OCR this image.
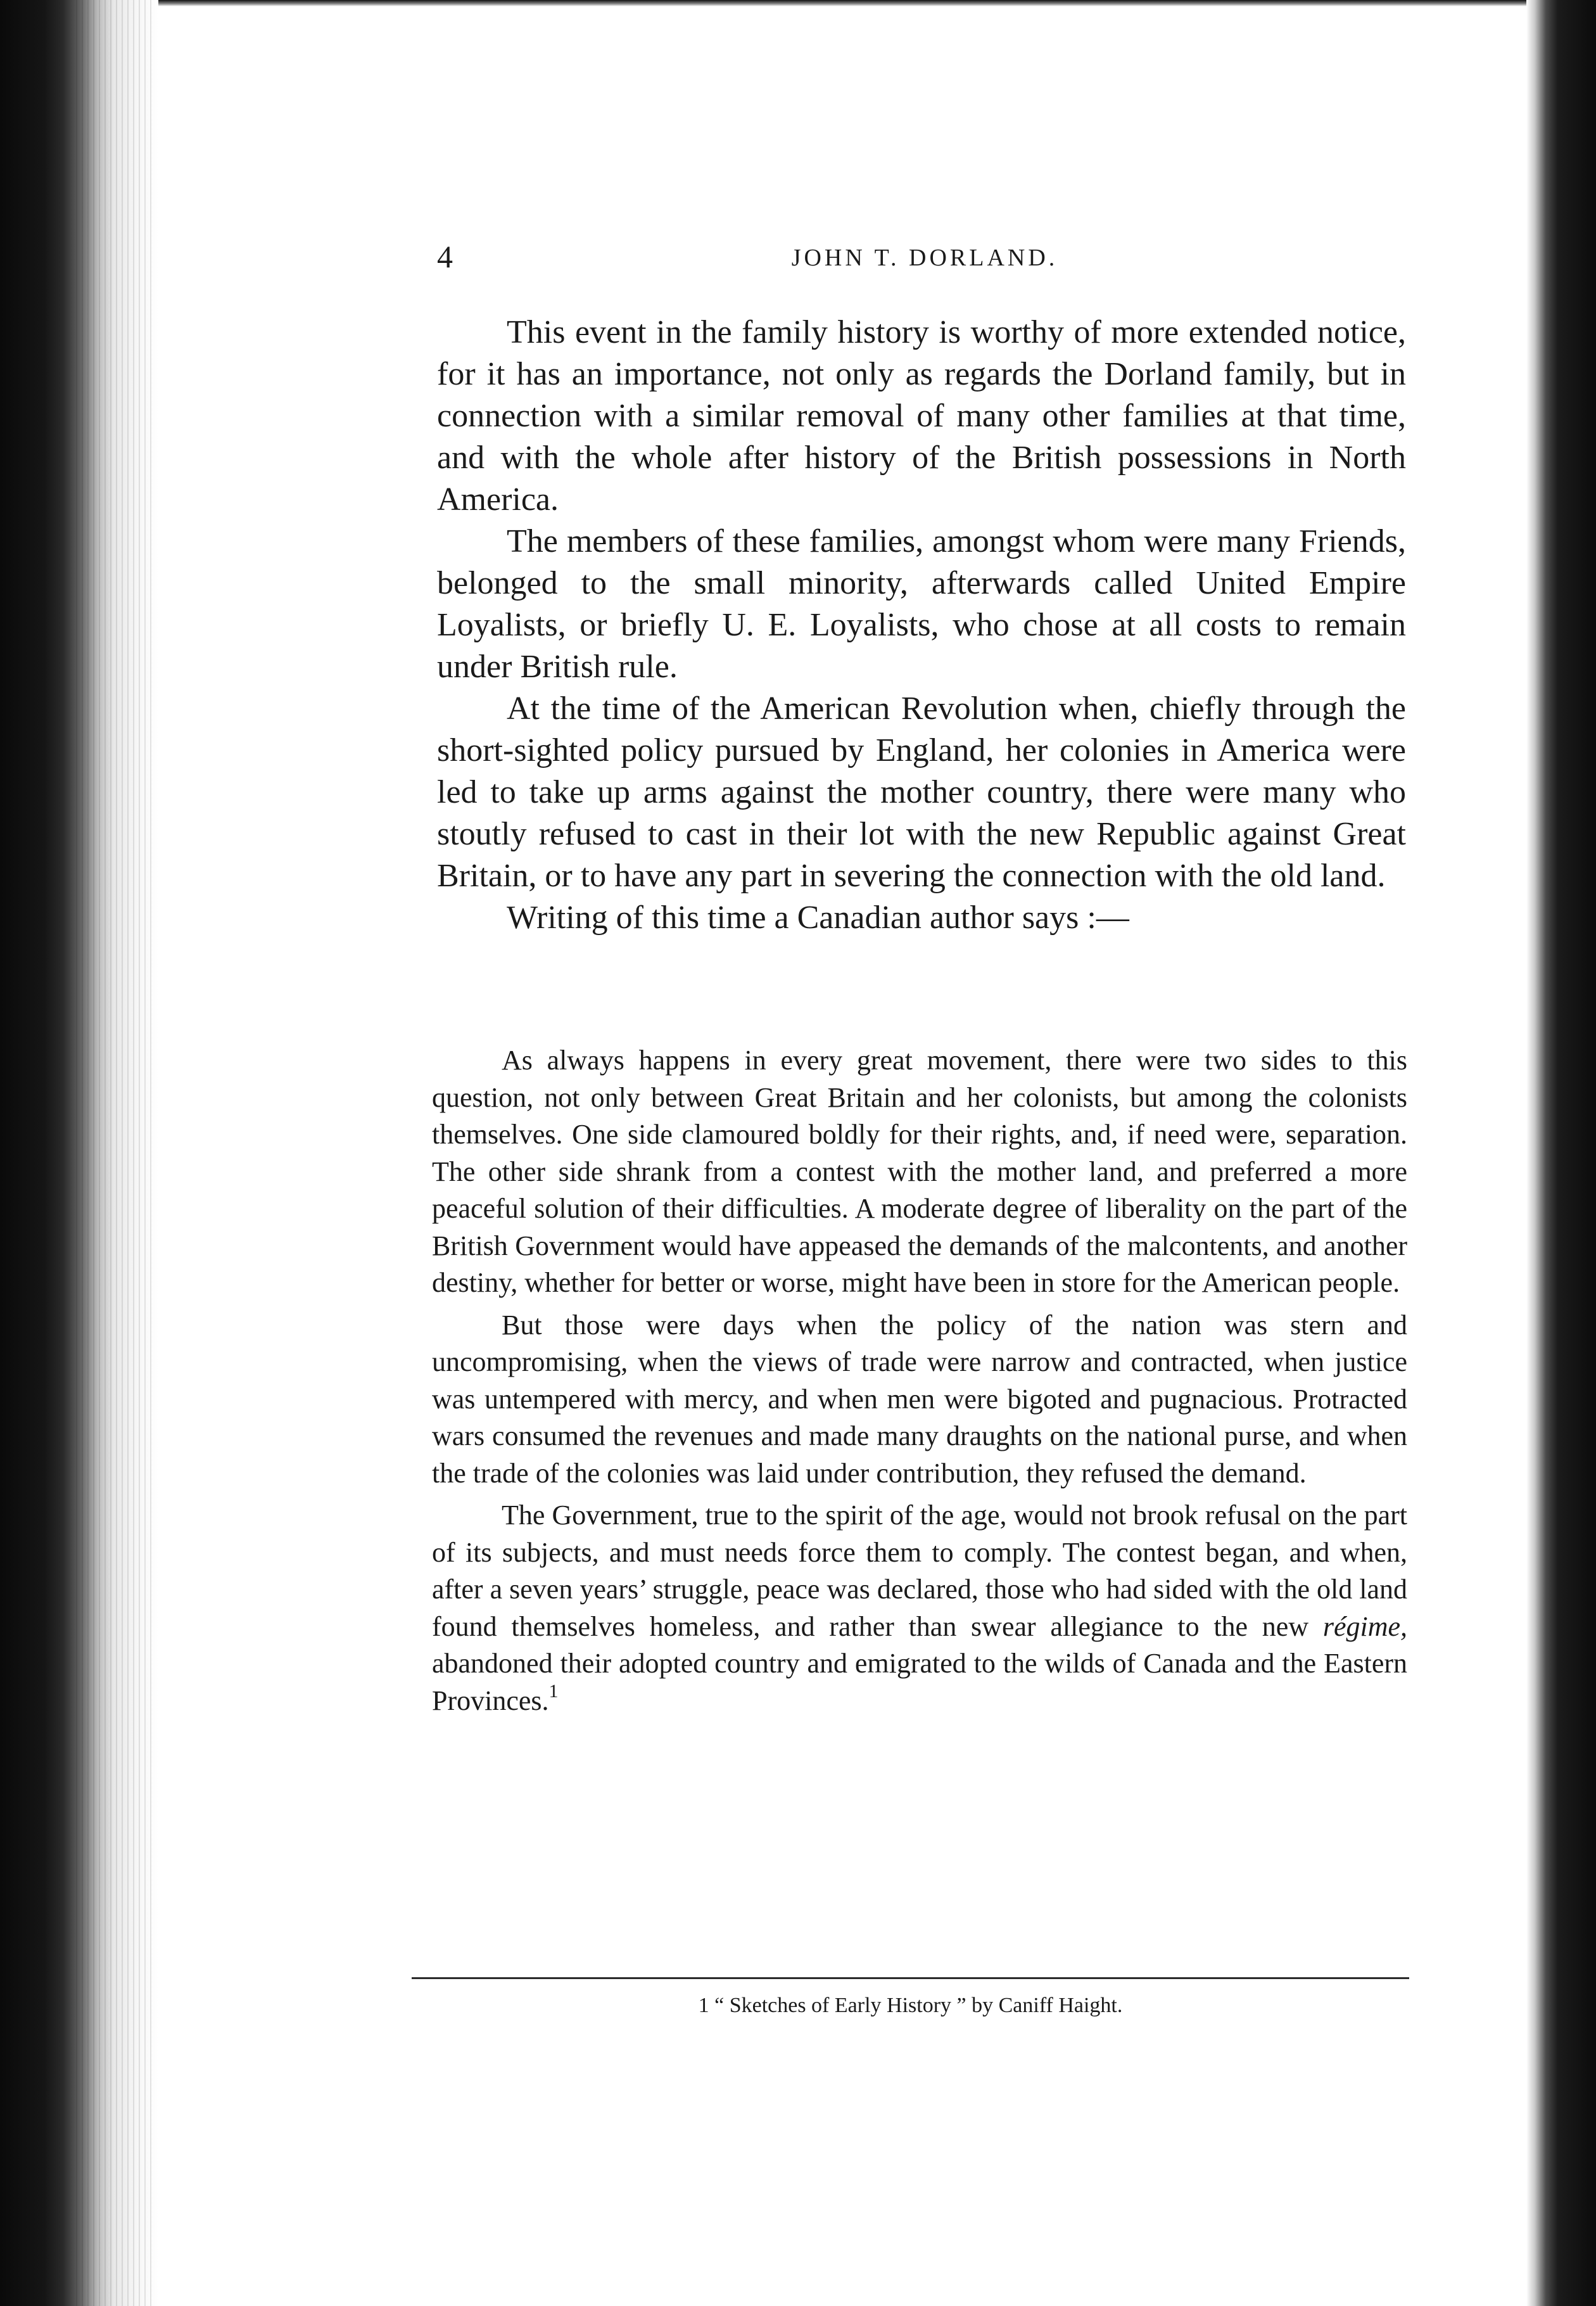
4	JOHN T. DORLAND.

This event in the family history is worthy of more extended notice, for it has an importance, not only as regards the Dorland family, but in connection with a similar removal of many other families at that time, and with the whole after history of the British possessions in North America.

The members of these families, amongst whom were many Friends, belonged to the small minority, afterwards called United Empire Loyalists, or briefly U. E. Loyalists, who chose at all costs to remain under British rule.

At the time of the American Revolution when, chiefly through the short-sighted policy pursued by England, her colonies in America were led to take up arms against the mother country, there were many who stoutly refused to cast in their lot with the new Republic against Great Britain, or to have any part in severing the connection with the old land.

Writing of this time a Canadian author says :—

As always happens in every great movement, there were two sides to this question, not only between Great Britain and her colonists, but among the colonists themselves. One side clamoured boldly for their rights, and, if need were, separation. The other side shrank from a contest with the mother land, and preferred a more peaceful solution of their difficulties. A moderate degree of liberality on the part of the British Government would have appeased the demands of the malcontents, and another destiny, whether for better or worse, might have been in store for the American people.

But those were days when the policy of the nation was stern and uncompromising, when the views of trade were narrow and contracted, when justice was untempered with mercy, and when men were bigoted and pugnacious. Protracted wars consumed the revenues and made many draughts on the national purse, and when the trade of the colonies was laid under contribution, they refused the demand.

The Government, true to the spirit of the age, would not brook refusal on the part of its subjects, and must needs force them to comply. The contest began, and when, after a seven years’ struggle, peace was declared, those who had sided with the old land found themselves homeless, and rather than swear allegiance to the new régime, abandoned their adopted country and emigrated to the wilds of Canada and the Eastern Provinces.$^1$

1 “ Sketches of Early History ” by Caniff Haight.
